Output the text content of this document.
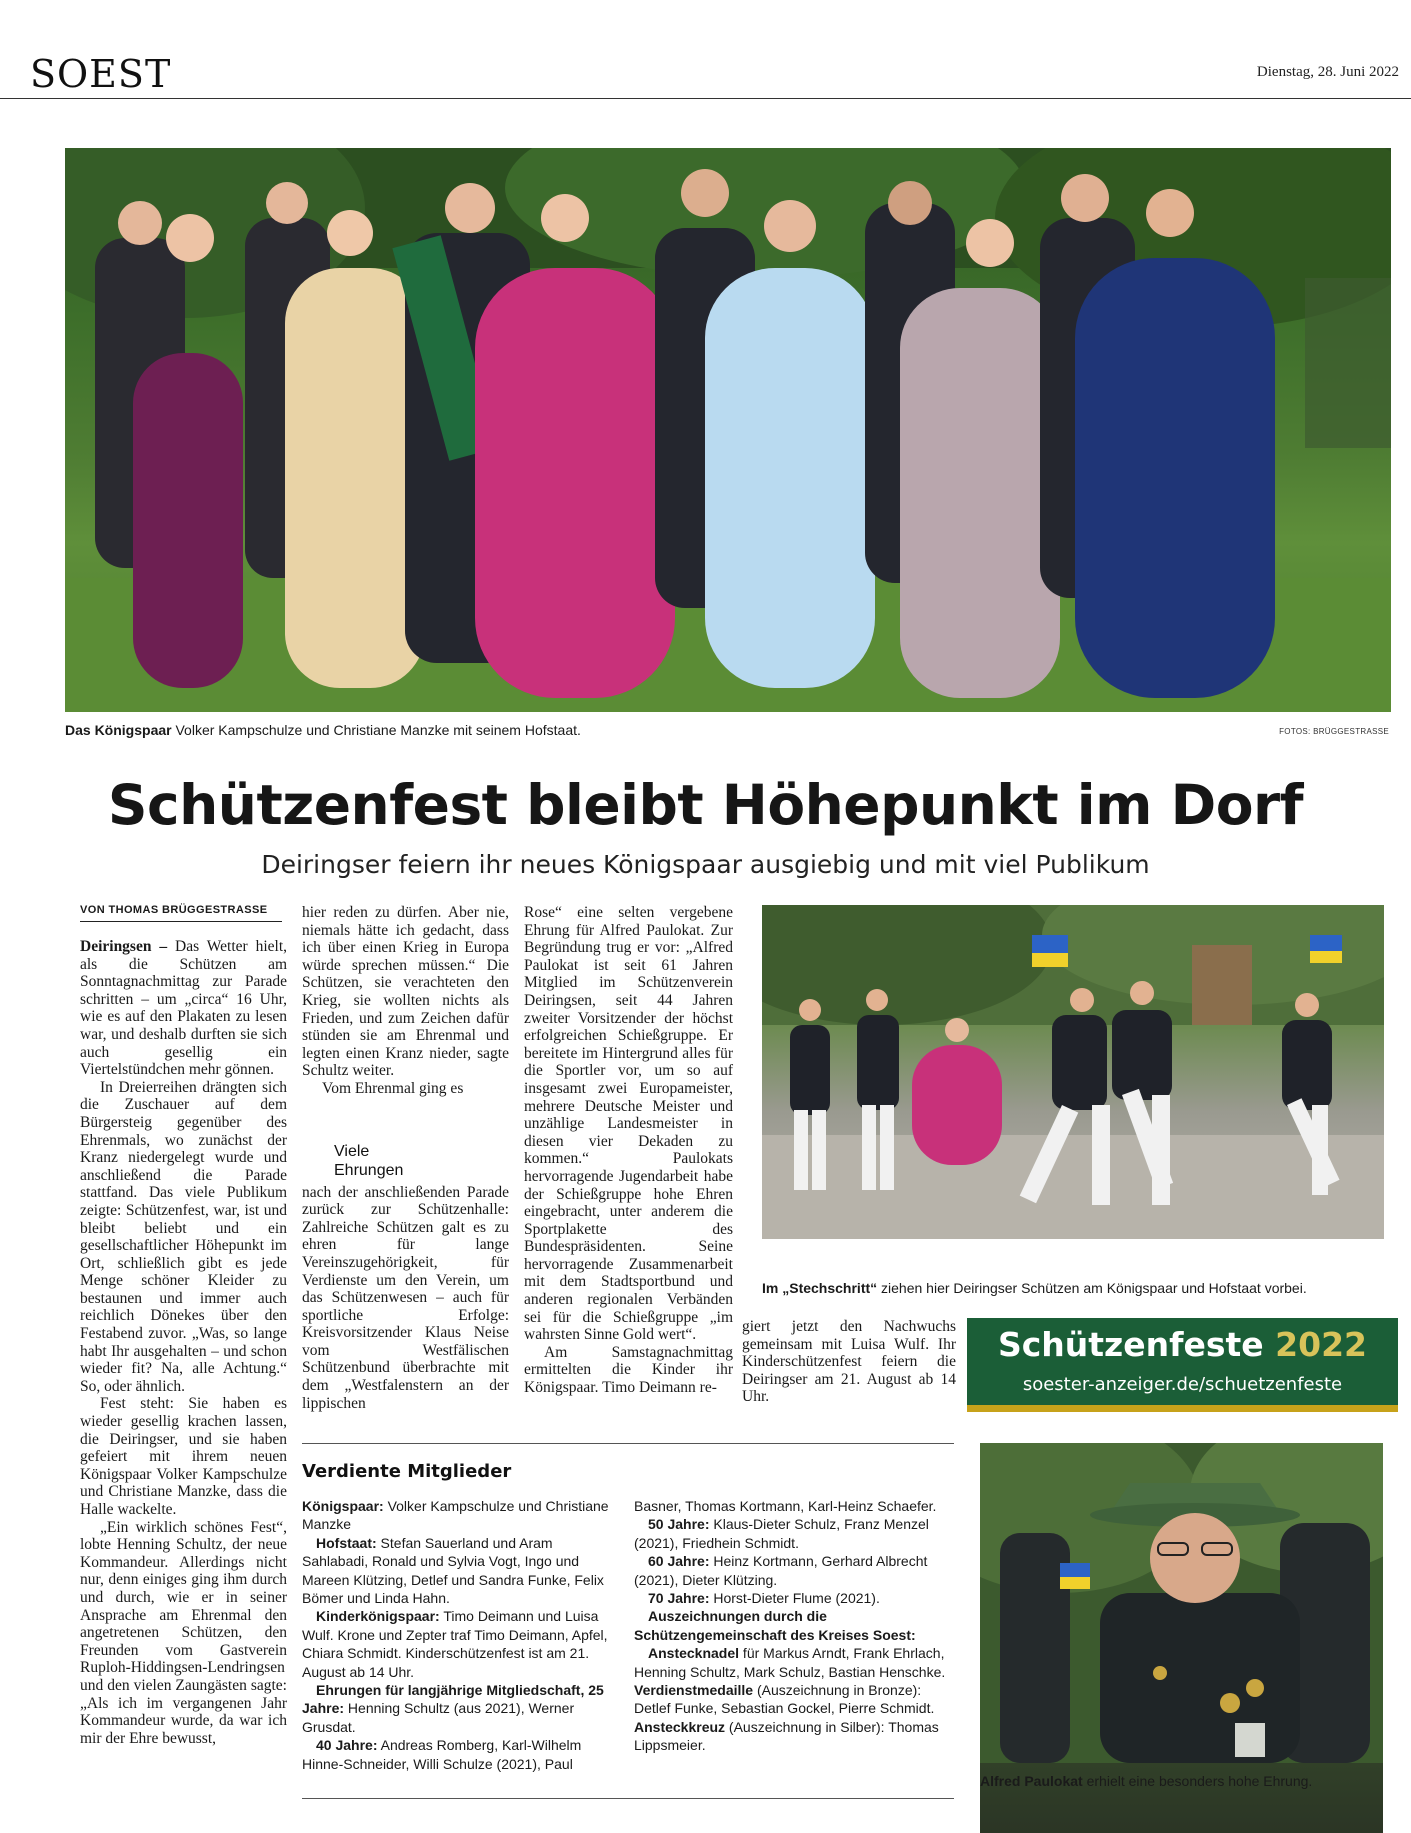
SOEST	Dienstag, 28. Juni 2022
Das Königspaar Volker Kampschulze und Christiane Manzke mit seinem Hofstaat.	FOTOS: BRÜGGESTRASSE
Schützenfest bleibt Höhepunkt im Dorf
Deiringser feiern ihr neues Königspaar ausgiebig und mit viel Publikum
VON THOMAS BRÜGGESTRASSE

Deiringsen – Das Wetter hielt, als die Schützen am Sonntagnachmittag zur Parade schritten – um „circa“ 16 Uhr, wie es auf den Plakaten zu lesen war, und deshalb durften sie sich auch gesellig ein Viertelstündchen mehr gönnen.

In Dreierreihen drängten sich die Zuschauer auf dem Bürgersteig gegenüber des Ehrenmals, wo zunächst der Kranz niedergelegt wurde und anschließend die Parade stattfand. Das viele Publikum zeigte: Schützenfest, war, ist und bleibt beliebt und ein gesellschaftlicher Höhepunkt im Ort, schließlich gibt es jede Menge schöner Kleider zu bestaunen und immer auch reichlich Dönekes über den Festabend zuvor. „Was, so lange habt Ihr ausgehalten – und schon wieder fit? Na, alle Achtung.“ So, oder ähnlich.

Fest steht: Sie haben es wieder gesellig krachen lassen, die Deiringser, und sie haben gefeiert mit ihrem neuen Königspaar Volker Kampschulze und Christiane Manzke, dass die Halle wackelte.

„Ein wirklich schönes Fest“, lobte Henning Schultz, der neue Kommandeur. Allerdings nicht nur, denn einiges ging ihm durch und durch, wie er in seiner Ansprache am Ehrenmal den angetretenen Schützen, den Freunden vom Gastverein Ruploh-Hiddingsen-Lendringsen und den vielen Zaungästen sagte: „Als ich im vergangenen Jahr Kommandeur wurde, da war ich mir der Ehre bewusst,

hier reden zu dürfen. Aber nie, niemals hätte ich gedacht, dass ich über einen Krieg in Europa würde sprechen müssen.“ Die Schützen, sie verachteten den Krieg, sie wollten nichts als Frieden, und zum Zeichen dafür stünden sie am Ehrenmal und legten einen Kranz nieder, sagte Schultz weiter.

Vom Ehrenmal ging es

nach der anschließenden Parade zurück zur Schützenhalle: Zahlreiche Schützen galt es zu ehren für lange Vereinszugehörigkeit, für Verdienste um den Verein, um das Schützenwesen – auch für sportliche Erfolge: Kreisvorsitzender Klaus Neise vom Westfälischen Schützenbund überbrachte mit dem „Westfalenstern an der lippischen

Viele
Ehrungen

Rose“ eine selten vergebene Ehrung für Alfred Paulokat. Zur Begründung trug er vor: „Alfred Paulokat ist seit 61 Jahren Mitglied im Schützenverein Deiringsen, seit 44 Jahren zweiter Vorsitzender der höchst erfolgreichen Schießgruppe. Er bereitete im Hintergrund alles für die Sportler vor, um so auf insgesamt zwei Europameister, mehrere Deutsche Meister und unzählige Landesmeister in diesen vier Dekaden zu kommen.“ Paulokats hervorragende Jugendarbeit habe der Schießgruppe hohe Ehren eingebracht, unter anderem die Sportplakette des Bundespräsidenten. Seine hervorragende Zusammenarbeit mit dem Stadtsportbund und anderen regionalen Verbänden sei für die Schießgruppe „im wahrsten Sinne Gold wert“.

Am Samstagnachmittag ermittelten die Kinder ihr Königspaar. Timo Deimann re-

giert jetzt den Nachwuchs gemeinsam mit Luisa Wulf. Ihr Kinderschützenfest feiern die Deiringser am 21. August ab 14 Uhr.

Im „Stechschritt“ ziehen hier Deiringser Schützen am Königspaar und Hofstaat vorbei.
Schützenfeste 2022
soester-anzeiger.de/schuetzenfeste
Verdiente Mitglieder

Königspaar: Volker Kampschulze und Christiane Manzke

Hofstaat: Stefan Sauerland und Aram Sahlabadi, Ronald und Sylvia Vogt, Ingo und Mareen Klützing, Detlef und Sandra Funke, Felix Bömer und Linda Hahn.

Kinderkönigspaar: Timo Deimann und Luisa Wulf. Krone und Zepter traf Timo Deimann, Apfel, Chiara Schmidt. Kinderschützenfest ist am 21. August ab 14 Uhr.

Ehrungen für langjährige Mitgliedschaft, 25 Jahre: Henning Schultz (aus 2021), Werner Grusdat.

40 Jahre: Andreas Romberg, Karl-Wilhelm Hinne-Schneider, Willi Schulze (2021), Paul

Basner, Thomas Kortmann, Karl-Heinz Schaefer.

50 Jahre: Klaus-Dieter Schulz, Franz Menzel (2021), Friedhein Schmidt.

60 Jahre: Heinz Kortmann, Gerhard Albrecht (2021), Dieter Klützing.

70 Jahre: Horst-Dieter Flume (2021).

Auszeichnungen durch die Schützengemeinschaft des Kreises Soest:

Anstecknadel für Markus Arndt, Frank Ehrlach, Henning Schultz, Mark Schulz, Bastian Henschke. Verdienstmedaille (Auszeichnung in Bronze): Detlef Funke, Sebastian Gockel, Pierre Schmidt. Ansteckkreuz (Auszeichnung in Silber): Thomas Lippsmeier.

Alfred Paulokat erhielt eine besonders hohe Ehrung.
